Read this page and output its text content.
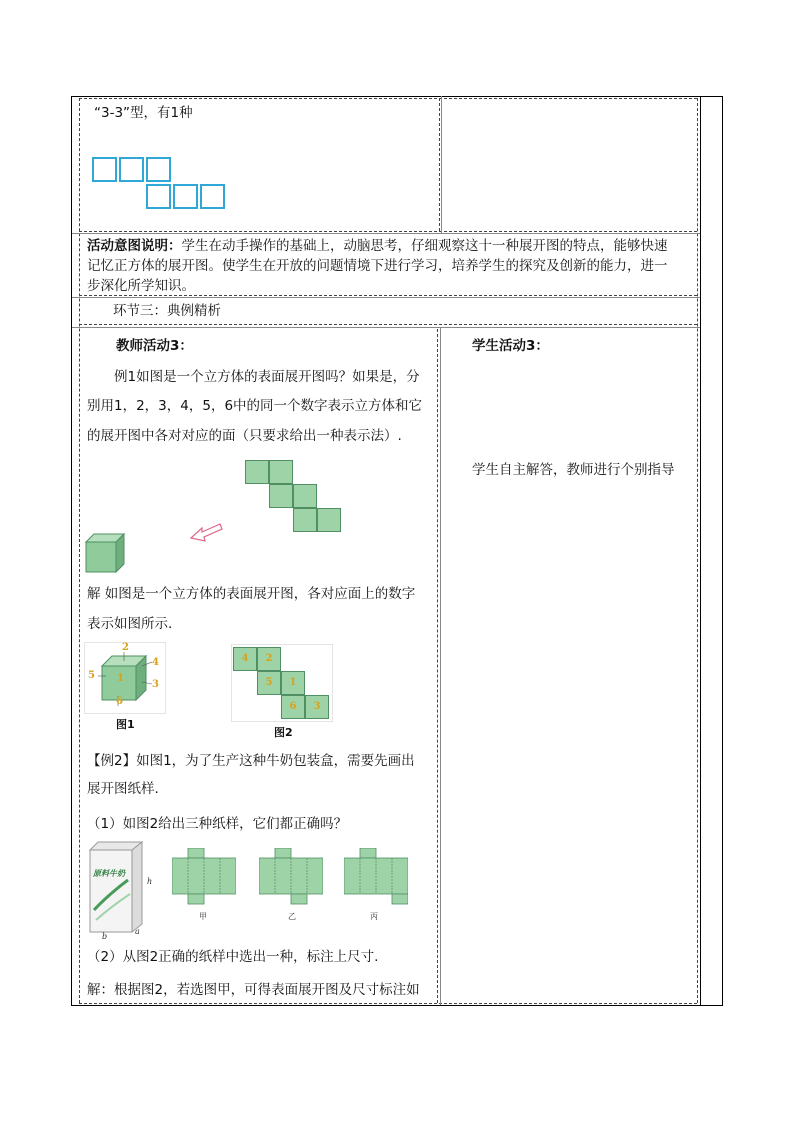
“3-3”型，有1种
活动意图说明：学生在动手操作的基础上，动脑思考，仔细观察这十一种展开图的特点，能够快速
记忆正方体的展开图。使学生在开放的问题情境下进行学习，培养学生的探究及创新的能力，进一
步深化所学知识。
环节三：典例精析
教师活动3：
例1如图是一个立方体的表面展开图吗？如果是，分
别用1，2，3，4，5，6中的同一个数字表示立方体和它
的展开图中各对对应的面（只要求给出一种表示法）.
解 如图是一个立方体的表面展开图，各对应面上的数字
表示如图所示.
2
5 1
4
3
6
图1
4	2
5	1
6	3
图2
【例2】如图1，为了生产这种牛奶包装盒，需要先画出
展开图纸样.
（1）如图2给出三种纸样，它们都正确吗？
原料牛奶
h
b
a
甲	乙	丙
（2）从图2正确的纸样中选出一种，标注上尺寸.
解：根据图2，若选图甲，可得表面展开图及尺寸标注如
学生活动3：
学生自主解答，教师进行个别指导
